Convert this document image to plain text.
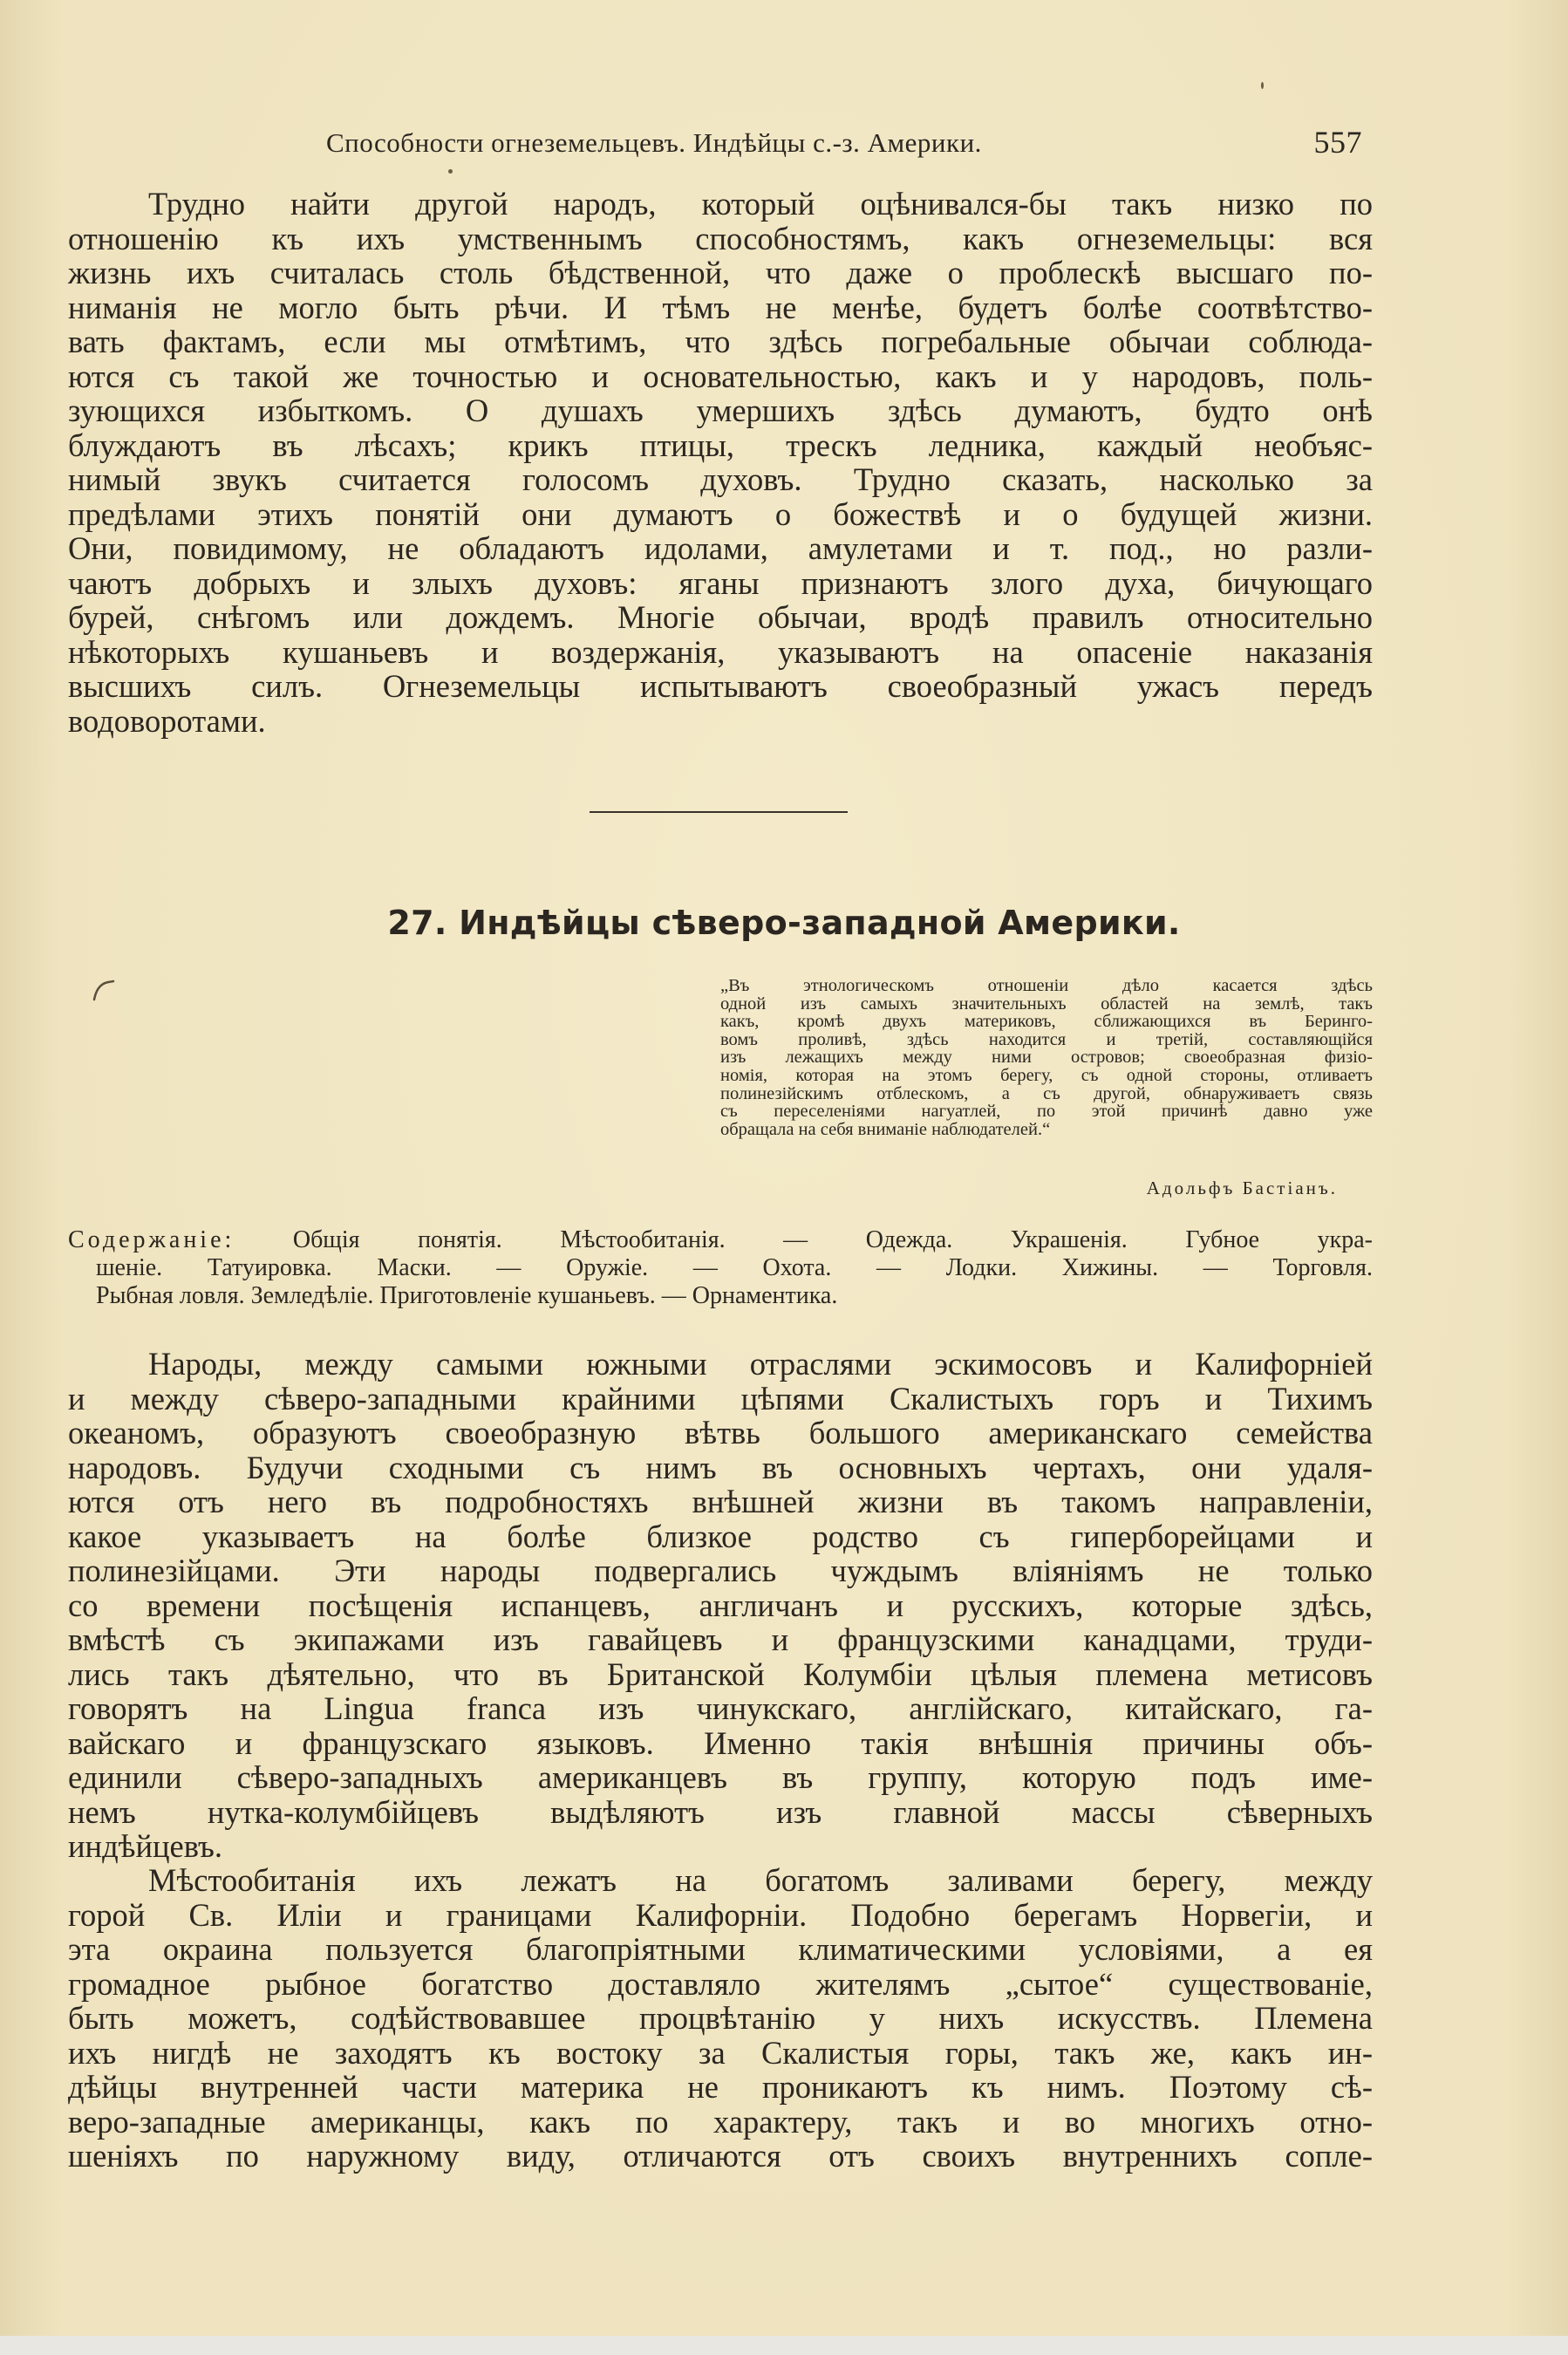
Способности огнеземельцевъ. Индѣйцы с.-з. Америки.	557
Трудно найти другой народъ, который оцѣнивался-бы такъ низко по
отношенію къ ихъ умственнымъ способностямъ, какъ огнеземельцы: вся
жизнь ихъ считалась столь бѣдственной, что даже о проблескѣ высшаго по-
ниманія не могло быть рѣчи. И тѣмъ не менѣе, будетъ болѣе соотвѣтство-
вать фактамъ, если мы отмѣтимъ, что здѣсь погребальные обычаи соблюда-
ются съ такой же точностью и основательностью, какъ и у народовъ, поль-
зующихся избыткомъ. О душахъ умершихъ здѣсь думаютъ, будто онѣ
блуждаютъ въ лѣсахъ; крикъ птицы, трескъ ледника, каждый необъяс-
нимый звукъ считается голосомъ духовъ. Трудно сказать, насколько за
предѣлами этихъ понятій они думаютъ о божествѣ и о будущей жизни.
Они, повидимому, не обладаютъ идолами, амулетами и т. под., но разли-
чаютъ добрыхъ и злыхъ духовъ: яганы признаютъ злого духа, бичующаго
бурей, снѣгомъ или дождемъ. Многіе обычаи, вродѣ правилъ относительно
нѣкоторыхъ кушаньевъ и воздержанія, указываютъ на опасеніе наказанія
высшихъ силъ. Огнеземельцы испытываютъ своеобразный ужасъ передъ
водоворотами.
27. Индѣйцы сѣверо-западной Америки.
„Въ этнологическомъ отношеніи дѣло касается здѣсь
одной изъ самыхъ значительныхъ областей на землѣ, такъ
какъ, кромѣ двухъ материковъ, сближающихся въ Беринго-
вомъ проливѣ, здѣсь находится и третій, составляющійся
изъ лежащихъ между ними островов; своеобразная физіо-
номія, которая на этомъ берегу, съ одной стороны, отливаетъ
полинезійскимъ отблескомъ, а съ другой, обнаруживаетъ связь
съ переселеніями нагуатлей, по этой причинѣ давно уже
обращала на себя вниманіе наблюдателей.“
Адольфъ Бастіанъ.
Содержаніе: Общія понятія. Мѣстообитанія. — Одежда. Украшенія. Губное укра-
шеніе. Татуировка. Маски. — Оружіе. — Охота. — Лодки. Хижины. — Торговля.
Рыбная ловля. Земледѣліе. Приготовленіе кушаньевъ. — Орнаментика.
Народы, между самыми южными отраслями эскимосовъ и Калифорніей
и между сѣверо-западными крайними цѣпями Скалистыхъ горъ и Тихимъ
океаномъ, образуютъ своеобразную вѣтвь большого американскаго семейства
народовъ. Будучи сходными съ нимъ въ основныхъ чертахъ, они удаля-
ются отъ него въ подробностяхъ внѣшней жизни въ такомъ направленіи,
какое указываетъ на болѣе близкое родство съ гиперборейцами и
полинезійцами. Эти народы подвергались чуждымъ вліяніямъ не только
со времени посѣщенія испанцевъ, англичанъ и русскихъ, которые здѣсь,
вмѣстѣ съ экипажами изъ гавайцевъ и французскими канадцами, труди-
лись такъ дѣятельно, что въ Британской Колумбіи цѣлыя племена метисовъ
говорятъ на Lingua franca изъ чинукскаго, англійскаго, китайскаго, га-
вайскаго и французскаго языковъ. Именно такія внѣшнія причины объ-
единили сѣверо-западныхъ американцевъ въ группу, которую подъ име-
немъ нутка-колумбійцевъ выдѣляютъ изъ главной массы сѣверныхъ
индѣйцевъ.
Мѣстообитанія ихъ лежатъ на богатомъ заливами берегу, между
горой Св. Иліи и границами Калифорніи. Подобно берегамъ Норвегіи, и
эта окраина пользуется благопріятными климатическими условіями, а ея
громадное рыбное богатство доставляло жителямъ „сытое“ существованіе,
быть можетъ, содѣйствовавшее процвѣтанію у нихъ искусствъ. Племена
ихъ нигдѣ не заходятъ къ востоку за Скалистыя горы, такъ же, какъ ин-
дѣйцы внутренней части материка не проникаютъ къ нимъ. Поэтому сѣ-
веро-западные американцы, какъ по характеру, такъ и во многихъ отно-
шеніяхъ по наружному виду, отличаются отъ своихъ внутреннихъ сопле-
